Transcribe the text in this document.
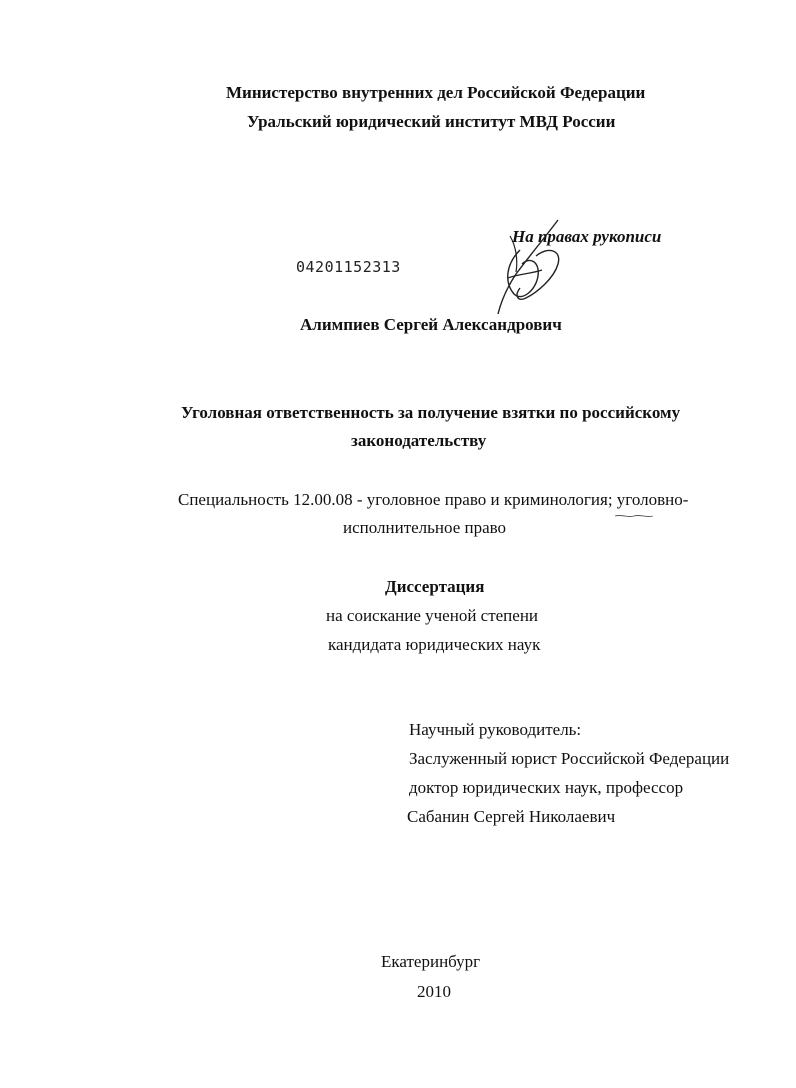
Министерство внутренних дел Российской Федерации
Уральский юридический институт МВД России
На правах рукописи
04201152313
Алимпиев Сергей Александрович
Уголовная ответственность за получение взятки по российскому
законодательству
Специальность 12.00.08 - уголовное право и криминология; уголовно-
исполнительное право
Диссертация
на соискание ученой степени
кандидата юридических наук
Научный руководитель:
Заслуженный юрист Российской Федерации
доктор юридических наук, профессор
Сабанин Сергей Николаевич
Екатеринбург
2010
